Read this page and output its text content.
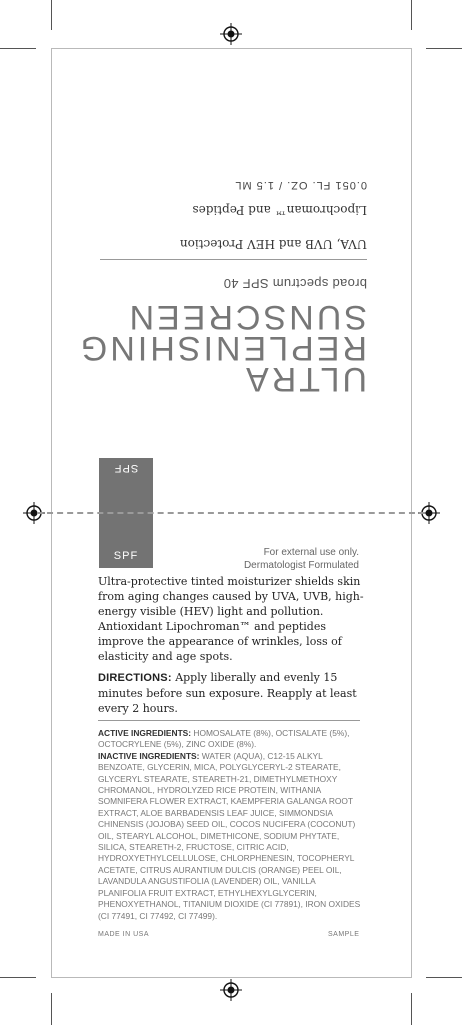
ULTRA
REPLENISHING
SUNSCREEN
broad spectrum SPF 40
UVA, UVB and HEV Protection
Lipochroman™ and Peptides
0.051 FL. OZ. / 1.5 ML
SPF
SPF	For external use only.
Dermatologist Formulated

Ultra-protective tinted moisturizer shields skin from aging changes caused by UVA, UVB, high-energy visible (HEV) light and pollution. Antioxidant Lipochroman™ and peptides improve the appearance of wrinkles, loss of elasticity and age spots.

DIRECTIONS: Apply liberally and evenly 15 minutes before sun exposure. Reapply at least every 2 hours.
ACTIVE INGREDIENTS: HOMOSALATE (8%), OCTISALATE (5%), OCTOCRYLENE (5%), ZINC OXIDE (8%).
INACTIVE INGREDIENTS: WATER (AQUA), C12-15 ALKYL BENZOATE, GLYCERIN, MICA, POLYGLYCERYL-2 STEARATE, GLYCERYL STEARATE, STEARETH-21, DIMETHYLMETHOXY CHROMANOL, HYDROLYZED RICE PROTEIN, WITHANIA SOMNIFERA FLOWER EXTRACT, KAEMPFERIA GALANGA ROOT EXTRACT, ALOE BARBADENSIS LEAF JUICE, SIMMONDSIA CHINENSIS (JOJOBA) SEED OIL, COCOS NUCIFERA (COCONUT) OIL, STEARYL ALCOHOL, DIMETHICONE, SODIUM PHYTATE, SILICA, STEARETH-2, FRUCTOSE, CITRIC ACID, HYDROXYETHYLCELLULOSE, CHLORPHENESIN, TOCOPHERYL ACETATE, CITRUS AURANTIUM DULCIS (ORANGE) PEEL OIL, LAVANDULA ANGUSTIFOLIA (LAVENDER) OIL, VANILLA PLANIFOLIA FRUIT EXTRACT, ETHYLHEXYLGLYCERIN, PHENOXYETHANOL, TITANIUM DIOXIDE (CI 77891), IRON OXIDES (CI 77491, CI 77492, CI 77499).
MADE IN USA	SAMPLE
